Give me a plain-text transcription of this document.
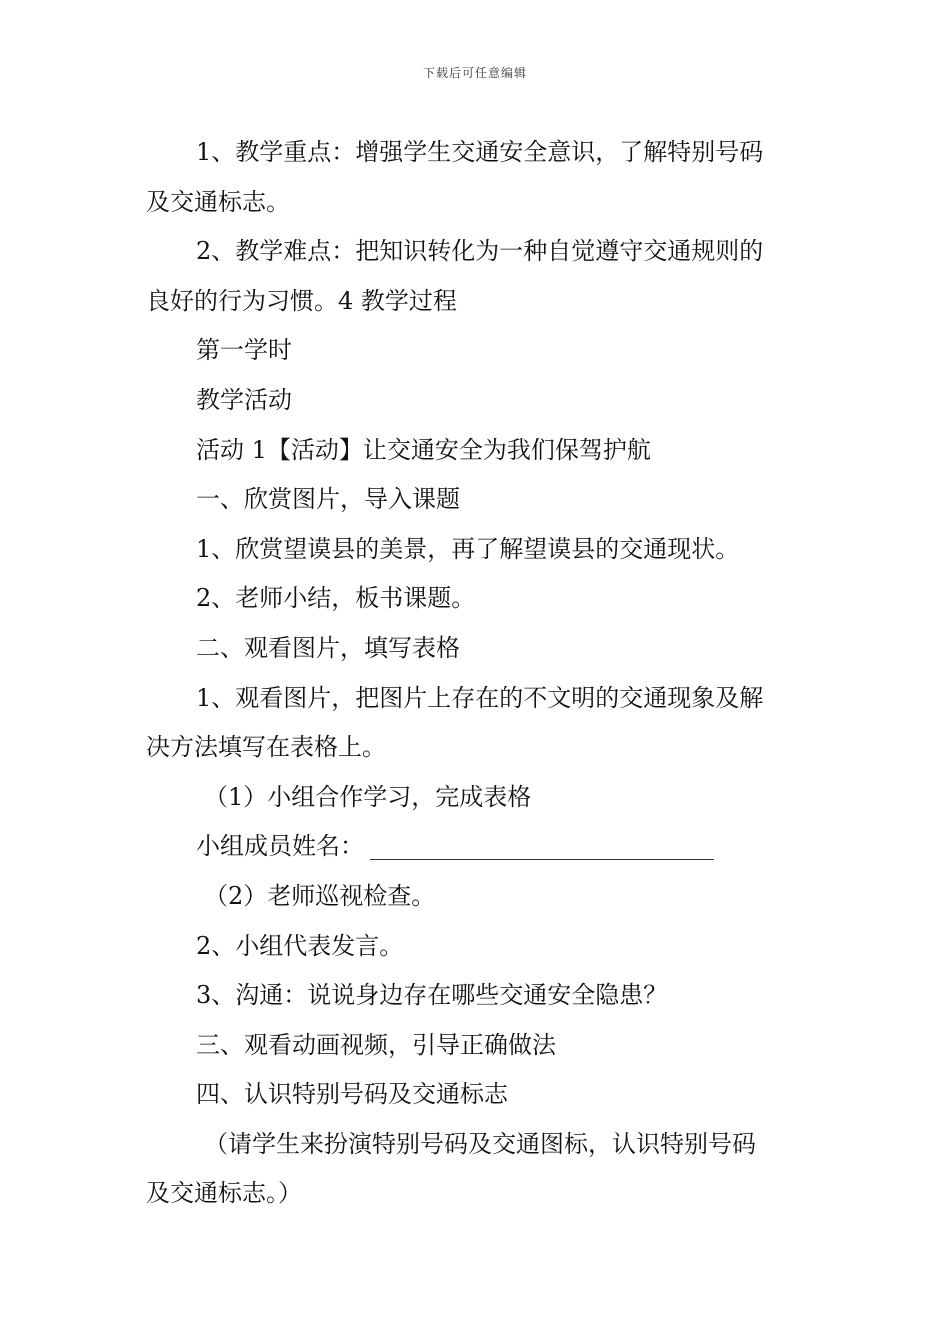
下载后可任意编辑

1、教学重点：增强学生交通安全意识，了解特别号码

及交通标志。

2、教学难点：把知识转化为一种自觉遵守交通规则的

良好的行为习惯。4 教学过程

第一学时

教学活动

活动 1【活动】让交通安全为我们保驾护航

一、欣赏图片，导入课题

1、欣赏望谟县的美景，再了解望谟县的交通现状。

2、老师小结，板书课题。

二、观看图片，填写表格

1、观看图片，把图片上存在的不文明的交通现象及解

决方法填写在表格上。

（1）小组合作学习，完成表格

小组成员姓名：

（2）老师巡视检查。

2、小组代表发言。

3、沟通：说说身边存在哪些交通安全隐患？

三、观看动画视频，引导正确做法

四、认识特别号码及交通标志

（请学生来扮演特别号码及交通图标，认识特别号码

及交通标志。）
